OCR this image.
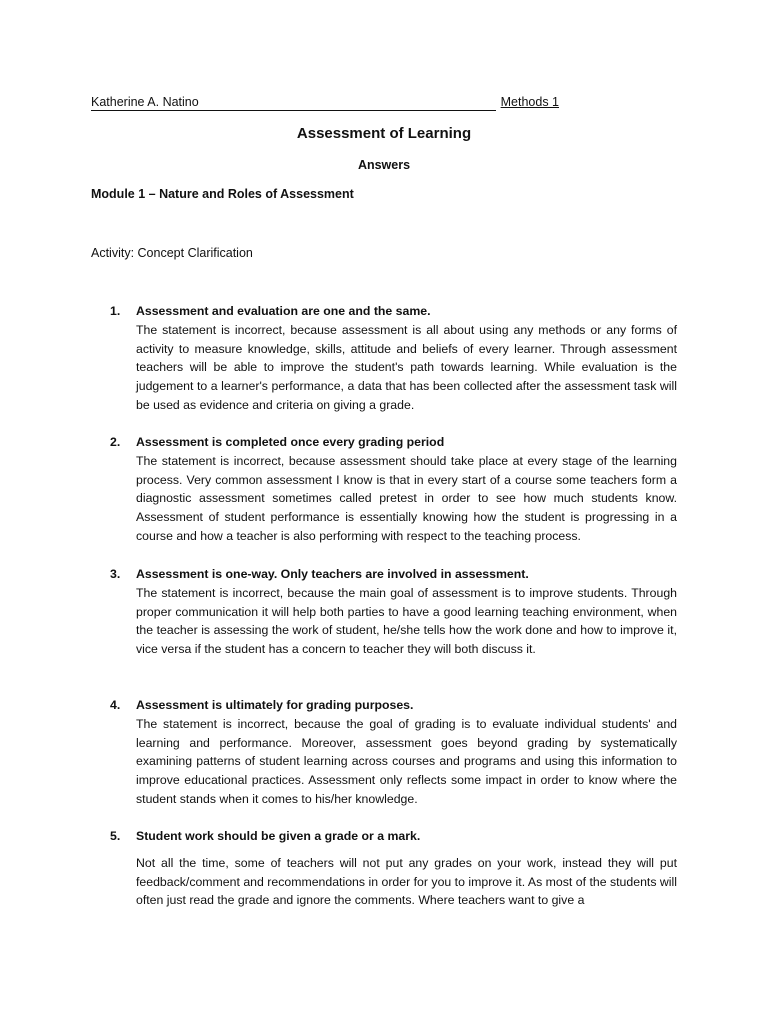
Katherine A. Natino	Methods 1
Assessment of Learning
Answers
Module 1 – Nature and Roles of Assessment
Activity: Concept Clarification
1. Assessment and evaluation are one and the same.
The statement is incorrect, because assessment is all about using any methods or any forms of activity to measure knowledge, skills, attitude and beliefs of every learner. Through assessment teachers will be able to improve the student's path towards learning. While evaluation is the judgement to a learner's performance, a data that has been collected after the assessment task will be used as evidence and criteria on giving a grade.
2. Assessment is completed once every grading period
The statement is incorrect, because assessment should take place at every stage of the learning process. Very common assessment I know is that in every start of a course some teachers form a diagnostic assessment sometimes called pretest in order to see how much students know. Assessment of student performance is essentially knowing how the student is progressing in a course and how a teacher is also performing with respect to the teaching process.
3. Assessment is one-way. Only teachers are involved in assessment.
The statement is incorrect, because the main goal of assessment is to improve students. Through proper communication it will help both parties to have a good learning teaching environment, when the teacher is assessing the work of student, he/she tells how the work done and how to improve it, vice versa if the student has a concern to teacher they will both discuss it.
4. Assessment is ultimately for grading purposes.
The statement is incorrect, because the goal of grading is to evaluate individual students' and learning and performance. Moreover, assessment goes beyond grading by systematically examining patterns of student learning across courses and programs and using this information to improve educational practices. Assessment only reflects some impact in order to know where the student stands when it comes to his/her knowledge.
5. Student work should be given a grade or a mark.
Not all the time, some of teachers will not put any grades on your work, instead they will put feedback/comment and recommendations in order for you to improve it. As most of the students will often just read the grade and ignore the comments. Where teachers want to give a
